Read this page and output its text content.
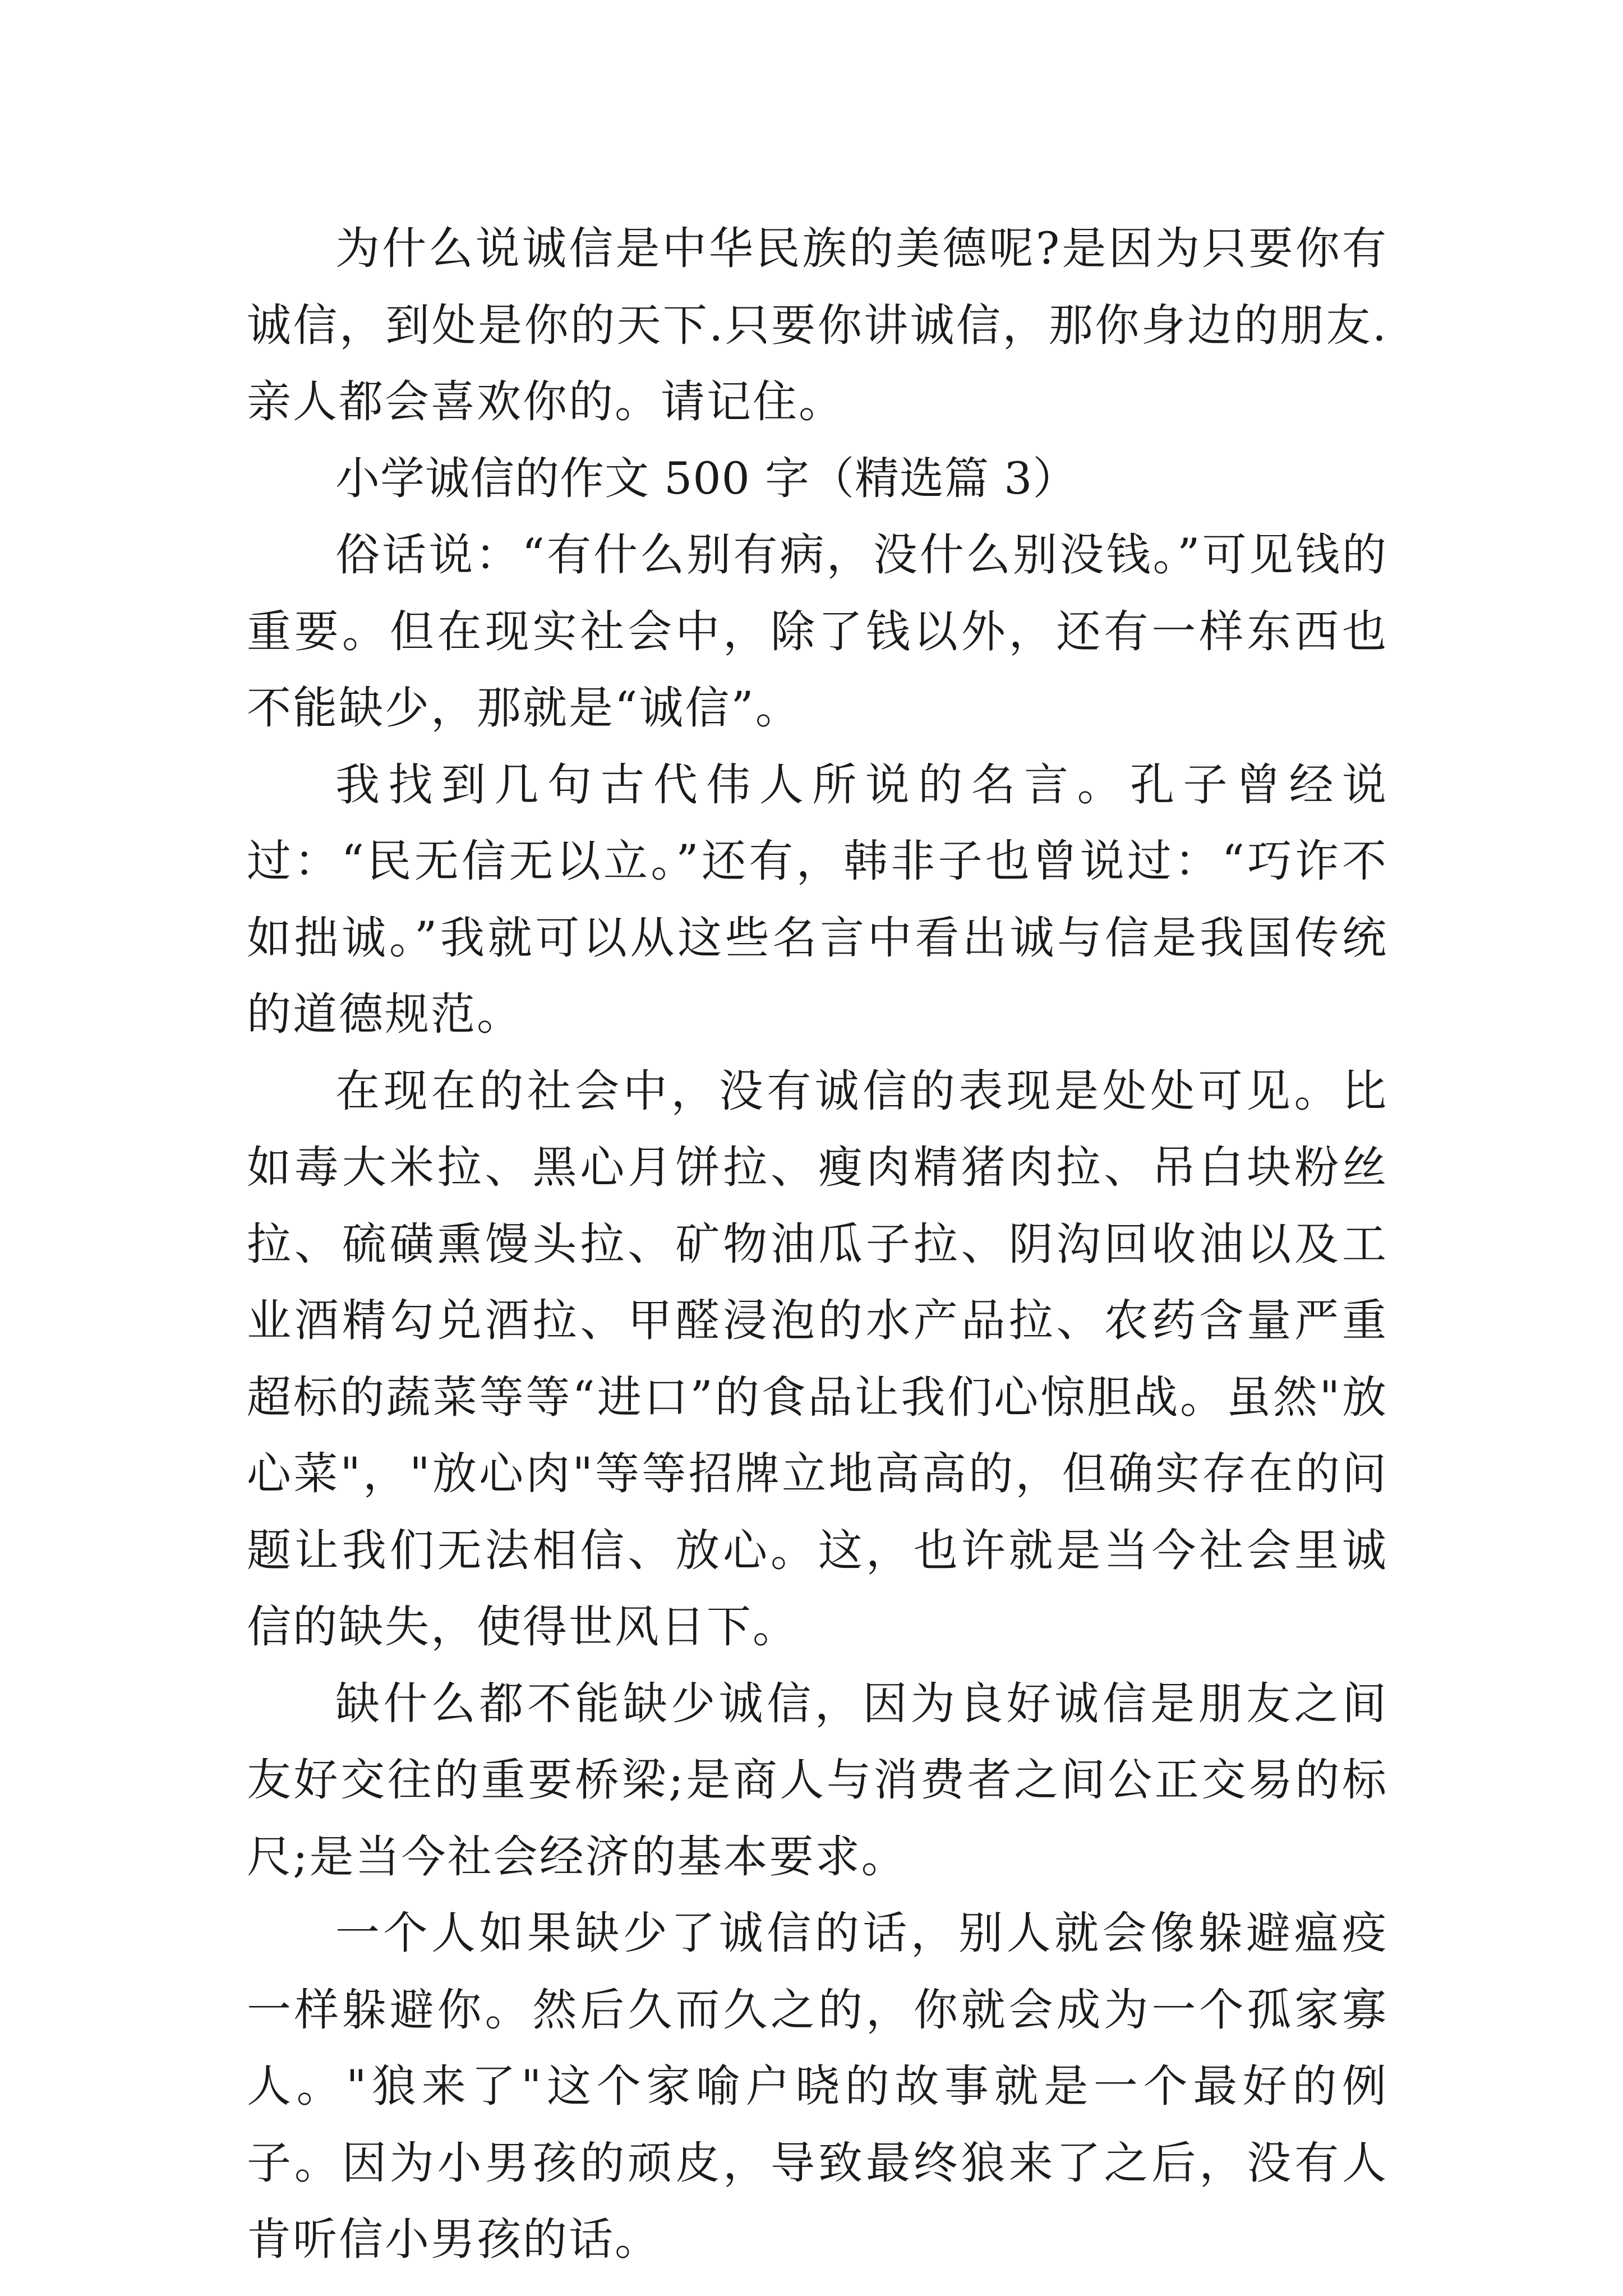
为什么说诚信是中华民族的美德呢?是因为只要你有诚信，到处是你的天下.只要你讲诚信，那你身边的朋友.亲人都会喜欢你的。请记住。

小学诚信的作文 500 字（精选篇 3）

俗话说：“有什么别有病，没什么别没钱。”可见钱的重要。但在现实社会中，除了钱以外，还有一样东西也不能缺少，那就是“诚信”。

我找到几句古代伟人所说的名言。孔子曾经说过：“民无信无以立。”还有，韩非子也曾说过：“巧诈不如拙诚。”我就可以从这些名言中看出诚与信是我国传统的道德规范。

在现在的社会中，没有诚信的表现是处处可见。比如毒大米拉、黑心月饼拉、瘦肉精猪肉拉、吊白块粉丝拉、硫磺熏馒头拉、矿物油瓜子拉、阴沟回收油以及工业酒精勾兑酒拉、甲醛浸泡的水产品拉、农药含量严重超标的蔬菜等等“进口”的食品让我们心惊胆战。虽然"放心菜"，"放心肉"等等招牌立地高高的，但确实存在的问题让我们无法相信、放心。这，也许就是当今社会里诚信的缺失，使得世风日下。

缺什么都不能缺少诚信，因为良好诚信是朋友之间友好交往的重要桥梁;是商人与消费者之间公正交易的标尺;是当今社会经济的基本要求。

一个人如果缺少了诚信的话，别人就会像躲避瘟疫一样躲避你。然后久而久之的，你就会成为一个孤家寡人。"狼来了"这个家喻户晓的故事就是一个最好的例子。因为小男孩的顽皮，导致最终狼来了之后，没有人肯听信小男孩的话。
